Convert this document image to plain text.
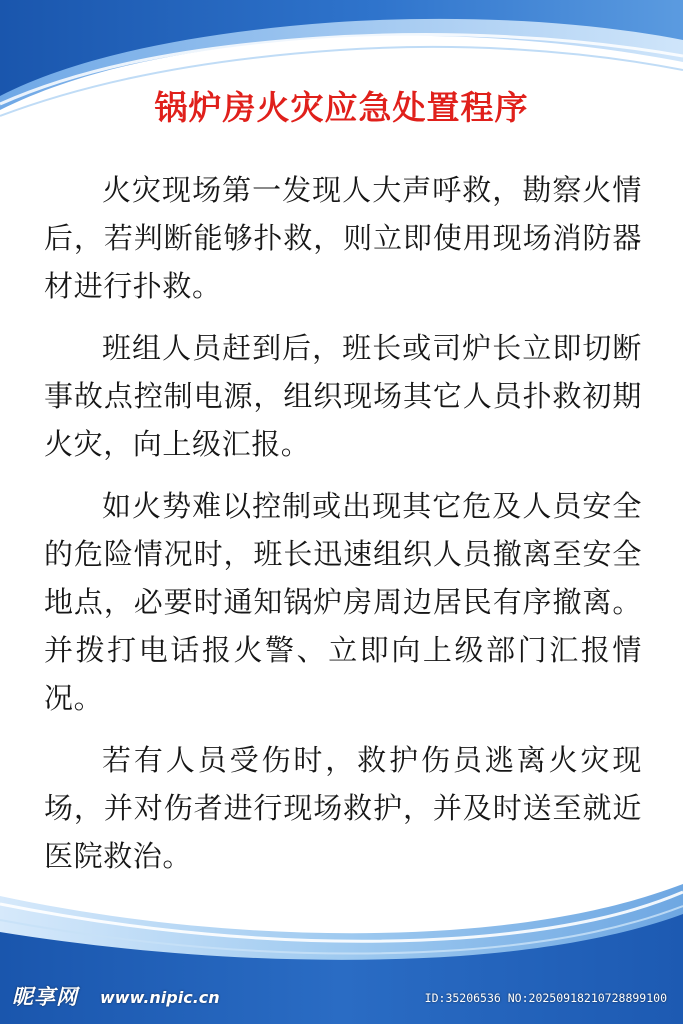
锅炉房火灾应急处置程序

火灾现场第一发现人大声呼救，勘察火情后，若判断能够扑救，则立即使用现场消防器材进行扑救。

班组人员赶到后，班长或司炉长立即切断事故点控制电源，组织现场其它人员扑救初期火灾，向上级汇报。

如火势难以控制或出现其它危及人员安全的危险情况时，班长迅速组织人员撤离至安全地点，必要时通知锅炉房周边居民有序撤离。并拨打电话报火警、立即向上级部门汇报情况。

若有人员受伤时，救护伤员逃离火灾现场，并对伤者进行现场救护，并及时送至就近医院救治。

昵享网 www.nipic.cn	ID:35206536 NO:20250918210728899100
